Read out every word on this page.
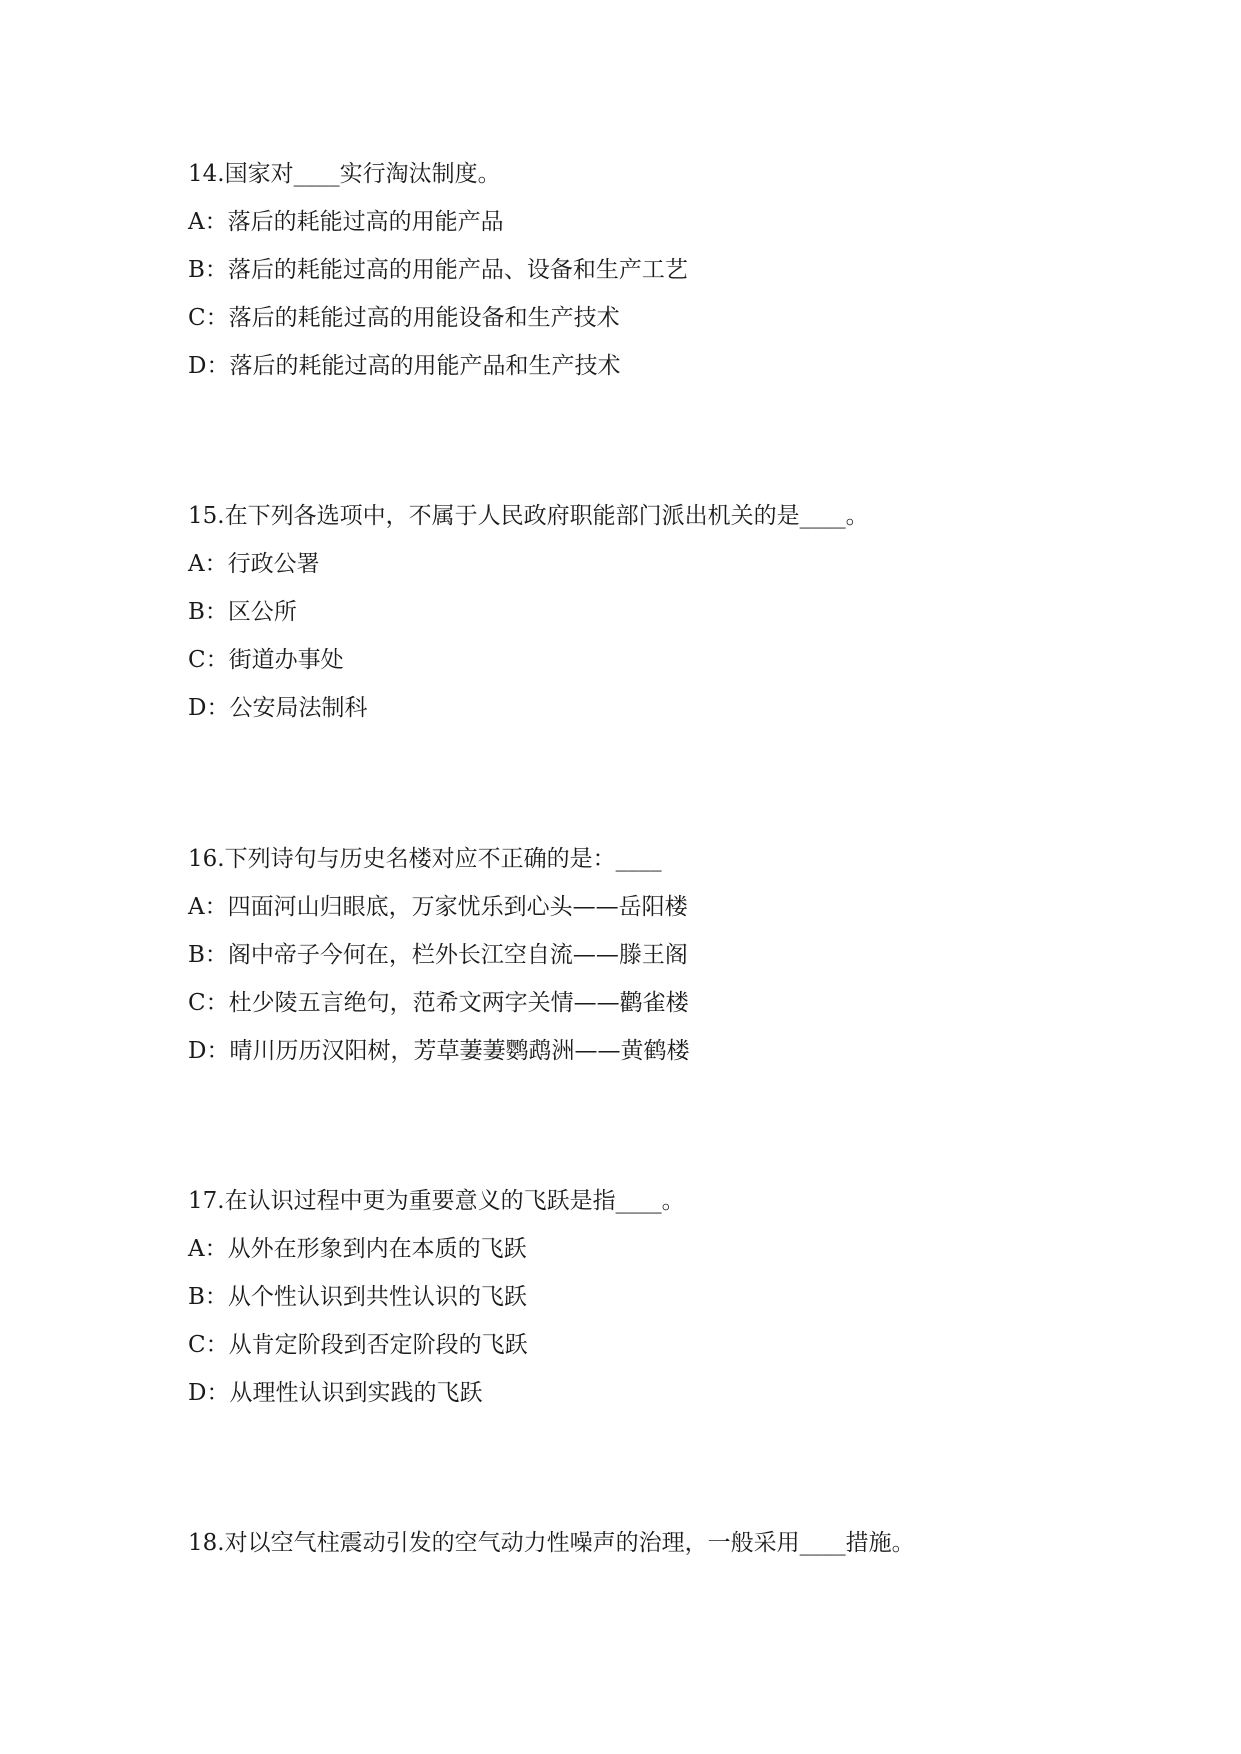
14.国家对____实行淘汰制度。

A：落后的耗能过高的用能产品

B：落后的耗能过高的用能产品、设备和生产工艺

C：落后的耗能过高的用能设备和生产技术

D：落后的耗能过高的用能产品和生产技术

15.在下列各选项中，不属于人民政府职能部门派出机关的是____。

A：行政公署

B：区公所

C：街道办事处

D：公安局法制科

16.下列诗句与历史名楼对应不正确的是：____

A：四面河山归眼底，万家忧乐到心头——岳阳楼

B：阁中帝子今何在，栏外长江空自流——滕王阁

C：杜少陵五言绝句，范希文两字关情——鹳雀楼

D：晴川历历汉阳树，芳草萋萋鹦鹉洲——黄鹤楼

17.在认识过程中更为重要意义的飞跃是指____。

A：从外在形象到内在本质的飞跃

B：从个性认识到共性认识的飞跃

C：从肯定阶段到否定阶段的飞跃

D：从理性认识到实践的飞跃

18.对以空气柱震动引发的空气动力性噪声的治理，一般采用____措施。
